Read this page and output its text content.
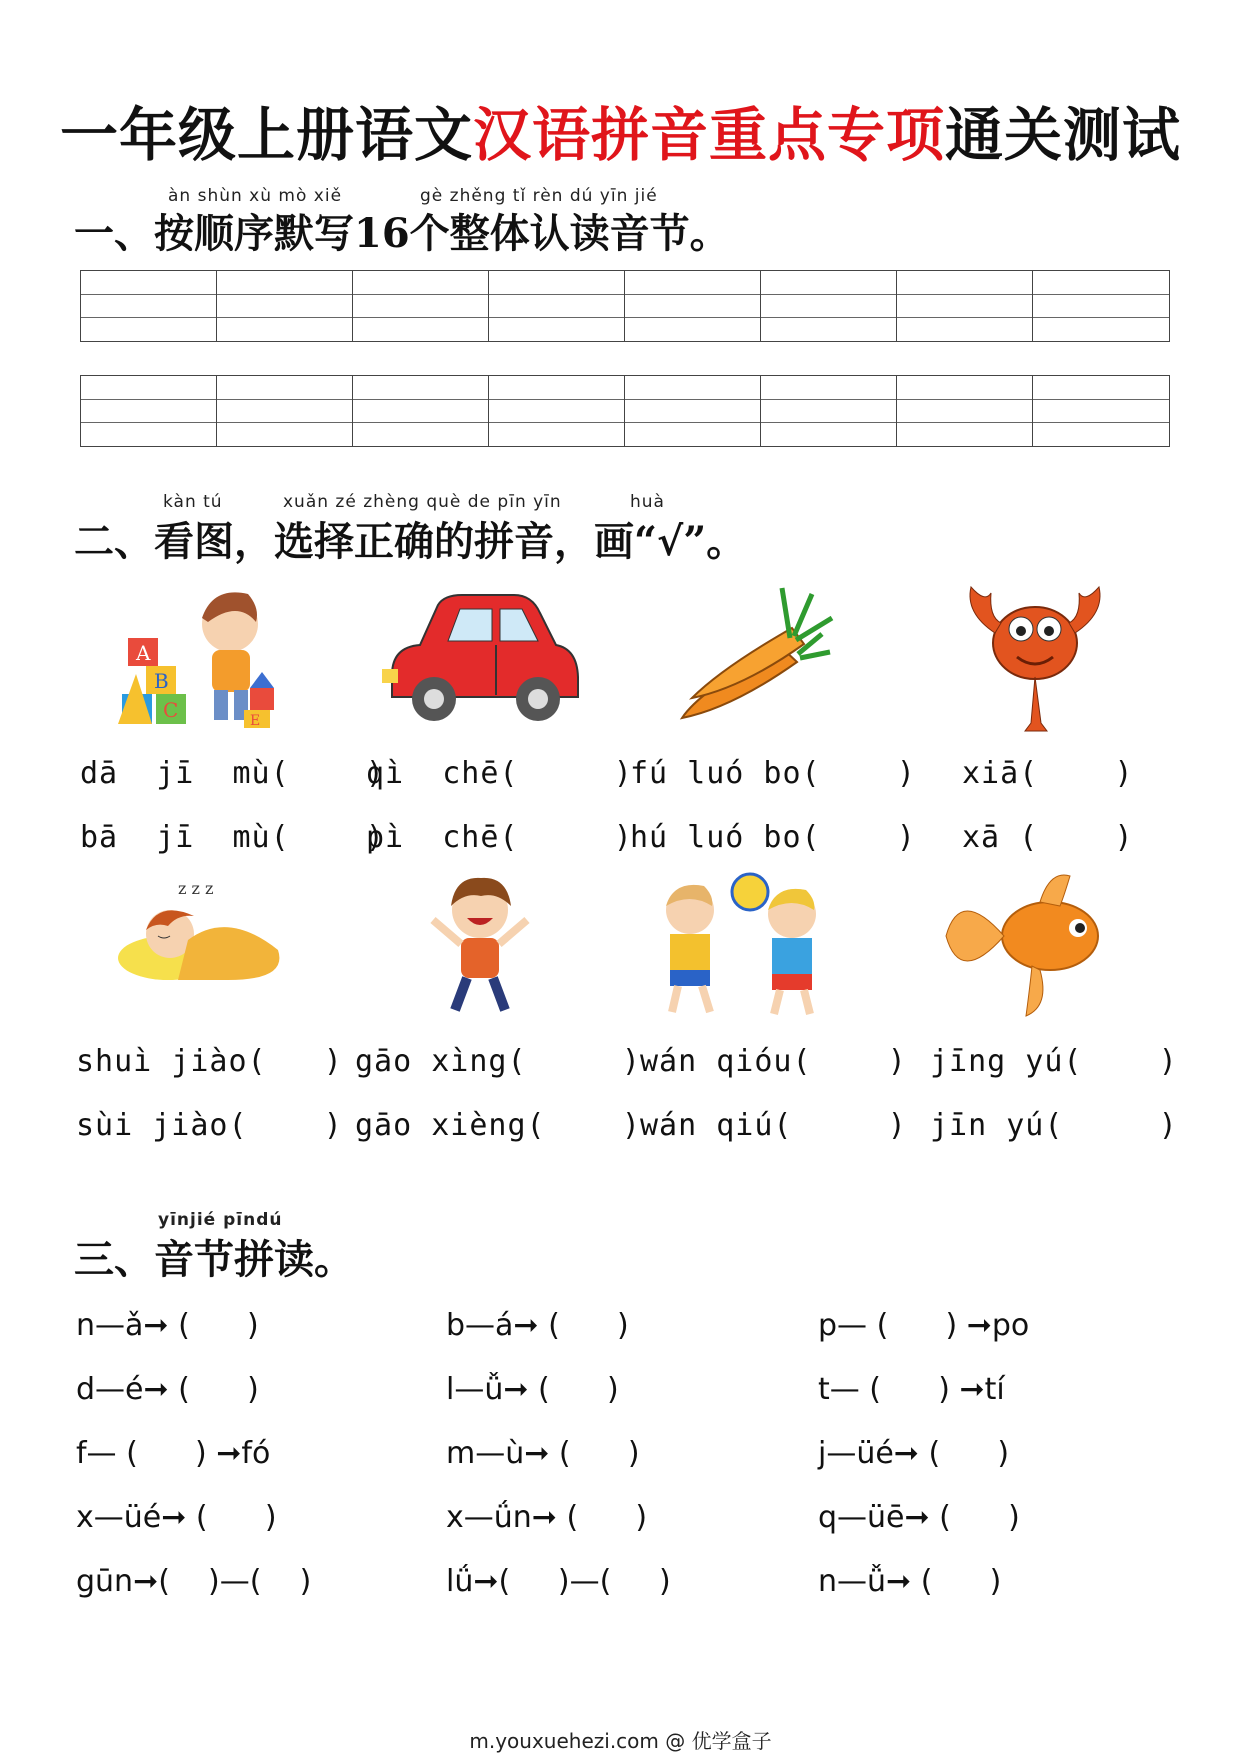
一年级上册语文汉语拼音重点专项通关测试
àn shùn xù mò xiě	gè zhěng tǐ rèn dú yīn jié
一、按顺序默写16个整体认读音节。
kàn tú	xuǎn zé zhèng què de pīn yīn	huà
二、看图，选择正确的拼音，画“√”。
A
B
C	E
dā  jī  mù(    )
bā  jī  mù(    )
qì  chē(     )
pì  chē(     )
fú luó bo(    )
hú luó bo(    )
xiā(    )
xā (    )
z z z
shuì jiào(   )
sùi jiào(    )
gāo xìng(     )
gāo xièng(    )
wán qióu(    )
wán qiú(     )
jīng yú(    )
jīn yú(     )
yīnjié pīndú
三、音节拼读。
n—ǎ➞ (      )	b—á➞ (      )	p— (      ) ➞po
d—é➞ (      )	l—ǚ➞ (      )	t— (      ) ➞tí
f— (      ) ➞fó	m—ù➞ (      )	j—üé➞ (      )
x—üé➞ (      )	x—ǘn➞ (      )	q—üē➞ (      )
gūn➞(    )—(    )	lǘ➞(     )—(     )	n—ǚ➞ (      )
m.youxuehezi.com @ 优学盒子
